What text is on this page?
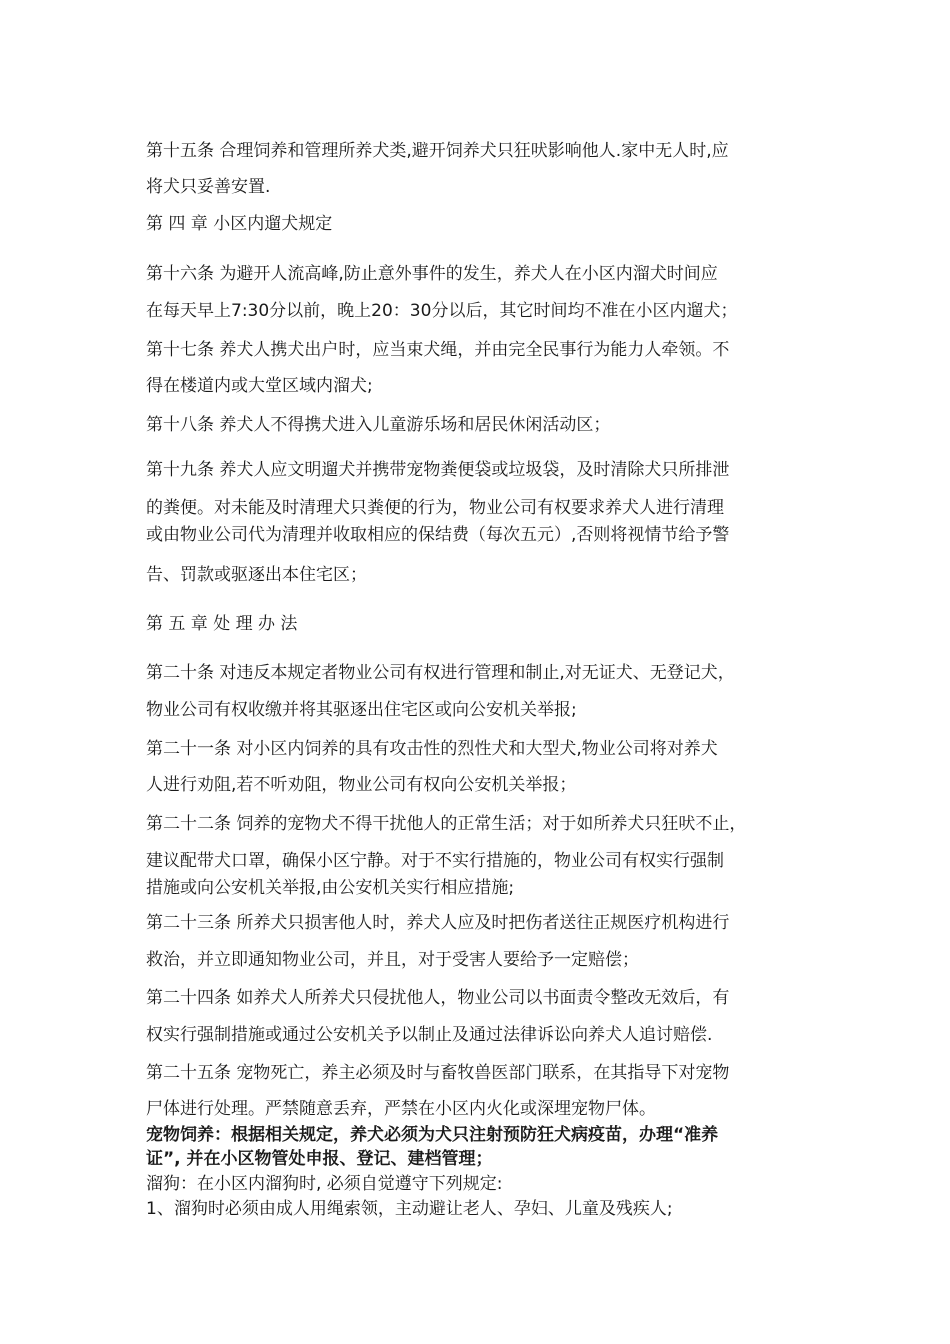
第十五条 合理饲养和管理所养犬类,避开饲养犬只狂吠影响他人.家中无人时,应
将犬只妥善安置.
第 四 章 小区内遛犬规定
第十六条 为避开人流高峰,防止意外事件的发生，养犬人在小区内溜犬时间应
在每天早上7:30分以前，晚上20：30分以后，其它时间均不准在小区内遛犬；
第十七条 养犬人携犬出户时，应当束犬绳，并由完全民事行为能力人牵领。不
得在楼道内或大堂区域内溜犬;
第十八条 养犬人不得携犬进入儿童游乐场和居民休闲活动区；
第十九条 养犬人应文明遛犬并携带宠物粪便袋或垃圾袋，及时清除犬只所排泄
的粪便。对未能及时清理犬只粪便的行为，物业公司有权要求养犬人进行清理
或由物业公司代为清理并收取相应的保结费（每次五元）,否则将视情节给予警
告、罚款或驱逐出本住宅区；
第 五 章 处 理 办 法
第二十条 对违反本规定者物业公司有权进行管理和制止,对无证犬、无登记犬，
物业公司有权收缴并将其驱逐出住宅区或向公安机关举报;
第二十一条 对小区内饲养的具有攻击性的烈性犬和大型犬,物业公司将对养犬
人进行劝阻,若不听劝阻，物业公司有权向公安机关举报；
第二十二条 饲养的宠物犬不得干扰他人的正常生活；对于如所养犬只狂吠不止，
建议配带犬口罩，确保小区宁静。对于不实行措施的，物业公司有权实行强制
措施或向公安机关举报,由公安机关实行相应措施;
第二十三条 所养犬只损害他人时，养犬人应及时把伤者送往正规医疗机构进行
救治，并立即通知物业公司，并且，对于受害人要给予一定赔偿；
第二十四条 如养犬人所养犬只侵扰他人，物业公司以书面责令整改无效后，有
权实行强制措施或通过公安机关予以制止及通过法律诉讼向养犬人追讨赔偿.
第二十五条 宠物死亡，养主必须及时与畜牧兽医部门联系，在其指导下对宠物
尸体进行处理。严禁随意丢弃，严禁在小区内火化或深埋宠物尸体。
宠物饲养：根据相关规定，养犬必须为犬只注射预防狂犬病疫苗，办理“准养
证”, 并在小区物管处申报、登记、建档管理；
溜狗：在小区内溜狗时, 必须自觉遵守下列规定:
1、溜狗时必须由成人用绳索领，主动避让老人、孕妇、儿童及残疾人;
